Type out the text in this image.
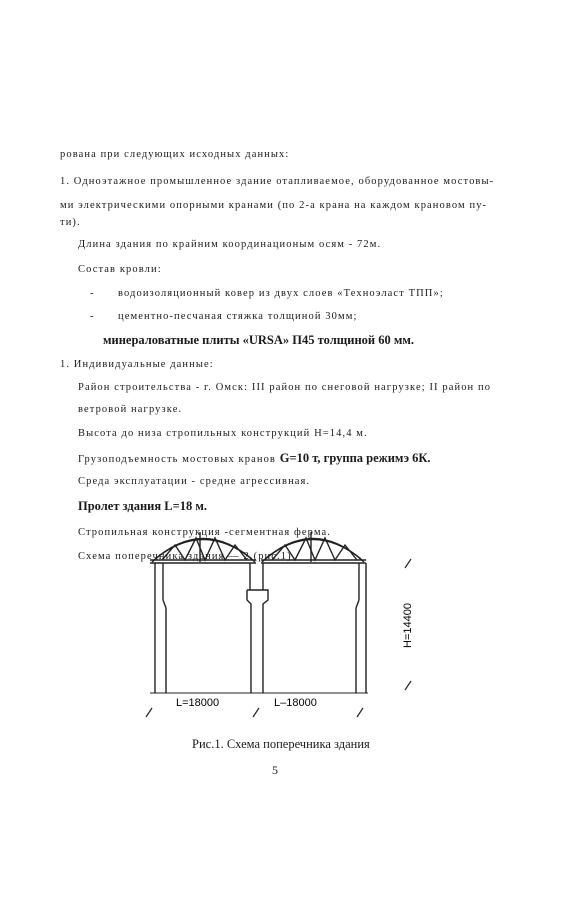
рована при следующих исходных данных:
1. Одноэтажное промышленное здание отапливаемое, оборудованное мостовы-
ми электрическими опорными кранами (по 2-а крана на каждом крановом пу-
ти).
Длина здания по крайним координационым осям - 72м.
Состав кровли:
- водоизоляционный ковер из двух слоев «Техноэласт ТПП»;
- цементно-песчаная стяжка толщиной 30мм;
минераловатные плиты «URSA» П45 толщиной 60 мм.
1. Индивидуальные данные:
Район строительства - г. Омск: III район по снеговой нагрузке; II район по
ветровой нагрузке.
Высота до низа стропильных конструкций Н=14,4 м.
Грузоподъемность мостовых кранов G=10 т, группа режимэ 6К.
Среда эксплуатации - средне агрессивная.
Пролет здания L=18 м.
Стропильная конструкция -сегментная ферма.
Схема поперечника здания — 2 (рис.1)
L=18000	L–18000
H=14400
Рис.1. Схема поперечника здания
5
